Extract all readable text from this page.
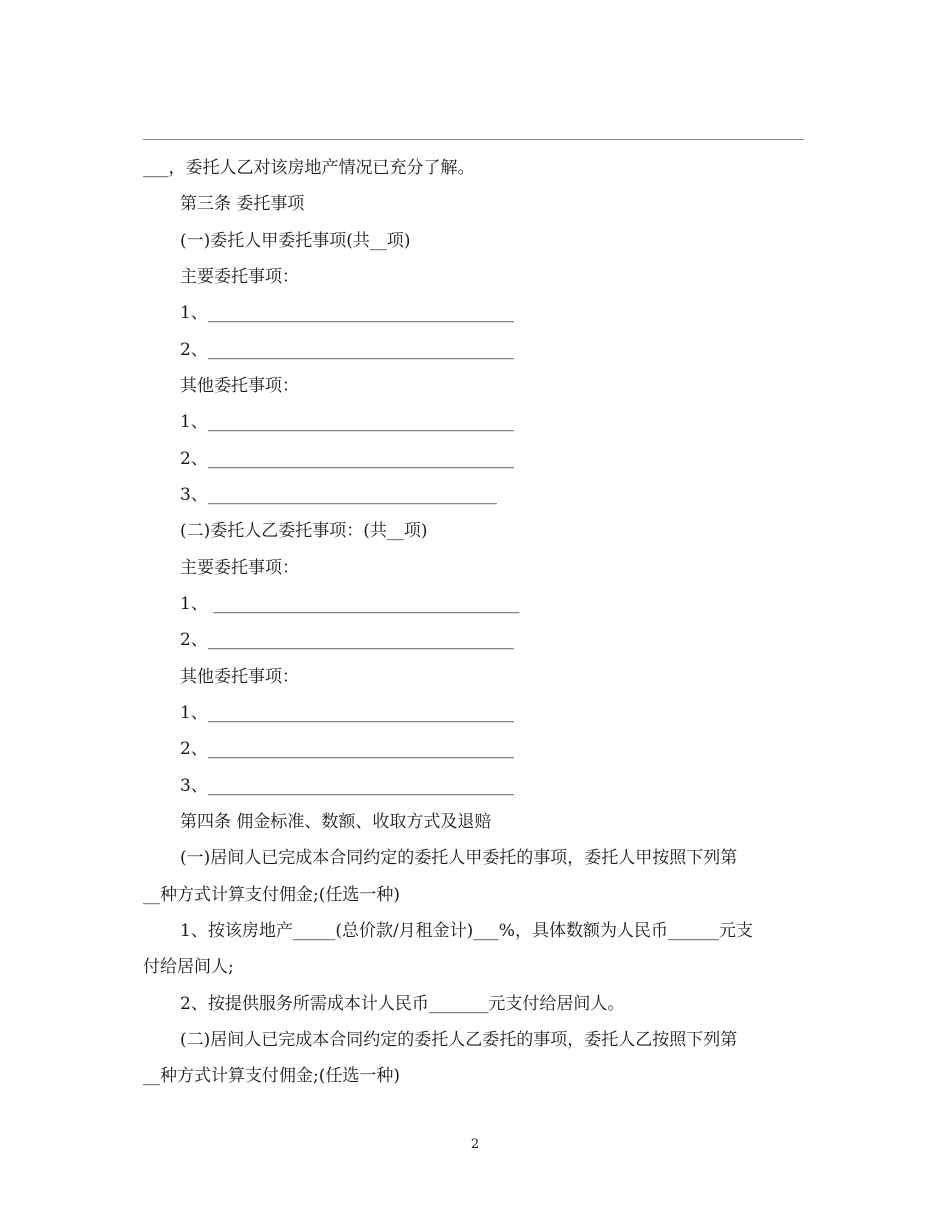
___，委托人乙对该房地产情况已充分了解。
第三条 委托事项
(一)委托人甲委托事项(共__项)
主要委托事项：
1、____________________________________
2、____________________________________
其他委托事项：
1、____________________________________
2、____________________________________
3、__________________________________
(二)委托人乙委托事项：(共__项)
主要委托事项：
1、 ____________________________________
2、____________________________________
其他委托事项：
1、____________________________________
2、____________________________________
3、____________________________________
第四条 佣金标准、数额、收取方式及退赔
(一)居间人已完成本合同约定的委托人甲委托的事项，委托人甲按照下列第
__种方式计算支付佣金;(任选一种)
1、按该房地产_____(总价款/月租金计)___%，具体数额为人民币______元支
付给居间人;
2、按提供服务所需成本计人民币_______元支付给居间人。
(二)居间人已完成本合同约定的委托人乙委托的事项，委托人乙按照下列第
__种方式计算支付佣金;(任选一种)
2
